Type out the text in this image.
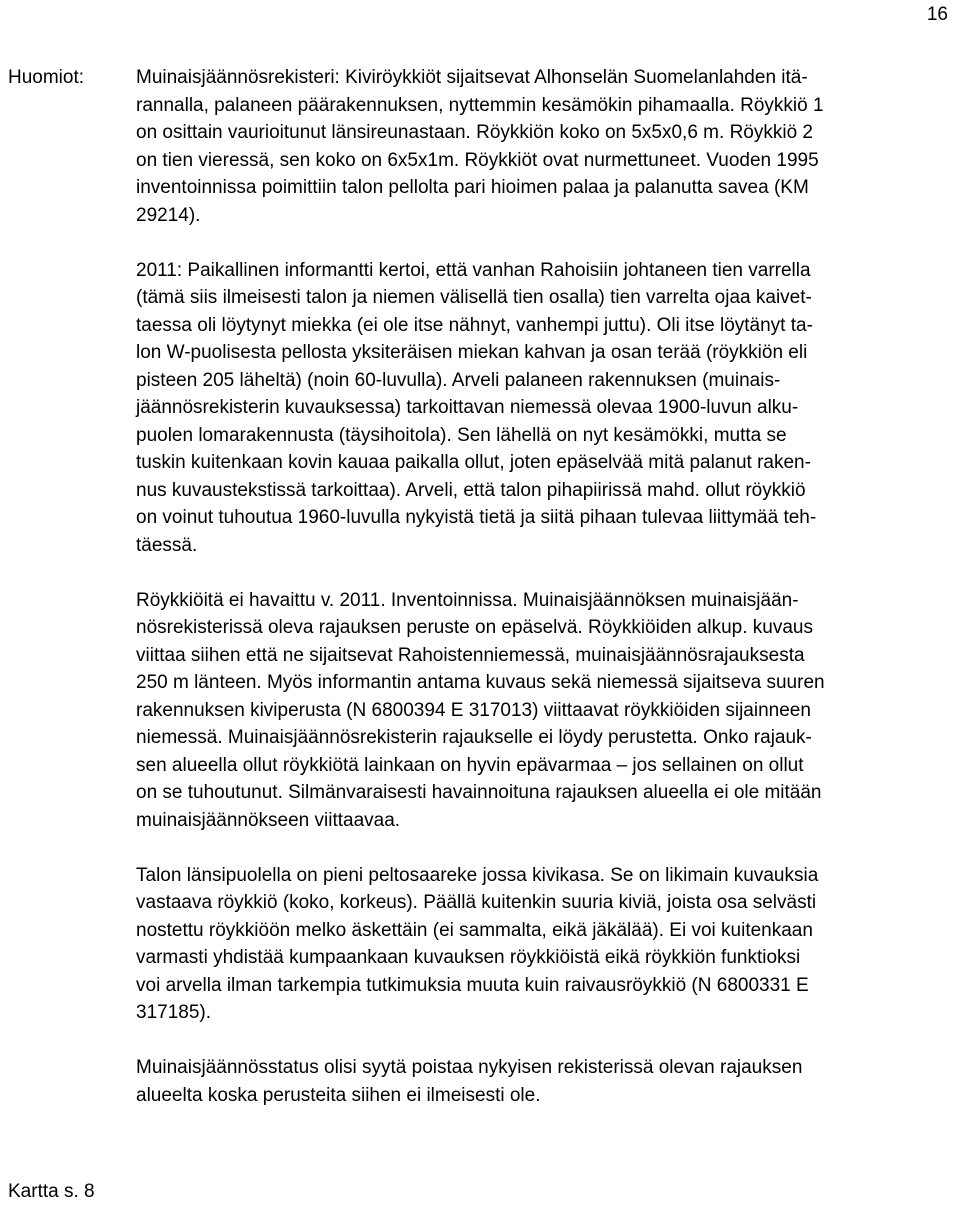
16
Huomiot:	Muinaisjäännösrekisteri: Kiviröykkiöt sijaitsevat Alhonselän Suomelanlahden itä-
rannalla, palaneen päärakennuksen, nyttemmin kesämökin pihamaalla. Röykkiö 1
on osittain vaurioitunut länsireunastaan. Röykkiön koko on 5x5x0,6 m. Röykkiö 2
on tien vieressä, sen koko on 6x5x1m. Röykkiöt ovat nurmettuneet. Vuoden 1995
inventoinnissa poimittiin talon pellolta pari hioimen palaa ja palanutta savea (KM
29214).

2011: Paikallinen informantti kertoi, että vanhan Rahoisiin johtaneen tien varrella
(tämä siis ilmeisesti talon ja niemen välisellä tien osalla) tien varrelta ojaa kaivet-
taessa oli löytynyt miekka (ei ole itse nähnyt, vanhempi juttu). Oli itse löytänyt ta-
lon W-puolisesta pellosta yksiteräisen miekan kahvan ja osan terää (röykkiön eli
pisteen 205 läheltä) (noin 60-luvulla). Arveli palaneen rakennuksen (muinais-
jäännösrekisterin kuvauksessa) tarkoittavan niemessä olevaa 1900-luvun alku-
puolen lomarakennusta (täysihoitola). Sen lähellä on nyt kesämökki, mutta se
tuskin kuitenkaan kovin kauaa paikalla ollut, joten epäselvää mitä palanut raken-
nus kuvaustekstissä tarkoittaa). Arveli, että talon pihapiirissä mahd. ollut röykkiö
on voinut tuhoutua 1960-luvulla nykyistä tietä ja siitä pihaan tulevaa liittymää teh-
täessä.

Röykkiöitä ei havaittu v. 2011. Inventoinnissa. Muinaisjäännöksen muinaisjään-
nösrekisterissä oleva rajauksen peruste on epäselvä. Röykkiöiden alkup. kuvaus
viittaa siihen että ne sijaitsevat Rahoistenniemessä, muinaisjäännösrajauksesta
250 m länteen. Myös informantin antama kuvaus sekä niemessä sijaitseva suuren
rakennuksen kiviperusta (N 6800394 E 317013) viittaavat röykkiöiden sijainneen
niemessä. Muinaisjäännösrekisterin rajaukselle ei löydy perustetta. Onko rajauk-
sen alueella ollut röykkiötä lainkaan on hyvin epävarmaa – jos sellainen on ollut
on se tuhoutunut. Silmänvaraisesti havainnoituna rajauksen alueella ei ole mitään
muinaisjäännökseen viittaavaa.

Talon länsipuolella on pieni peltosaareke jossa kivikasa. Se on likimain kuvauksia
vastaava röykkiö (koko, korkeus). Päällä kuitenkin suuria kiviä, joista osa selvästi
nostettu röykkiöön melko äskettäin (ei sammalta, eikä jäkälää). Ei voi kuitenkaan
varmasti yhdistää kumpaankaan kuvauksen röykkiöistä eikä röykkiön funktioksi
voi arvella ilman tarkempia tutkimuksia muuta kuin raivausröykkiö (N 6800331 E
317185).

Muinaisjäännösstatus olisi syytä poistaa nykyisen rekisterissä olevan rajauksen
alueelta koska perusteita siihen ei ilmeisesti ole.

Kartta s. 8
